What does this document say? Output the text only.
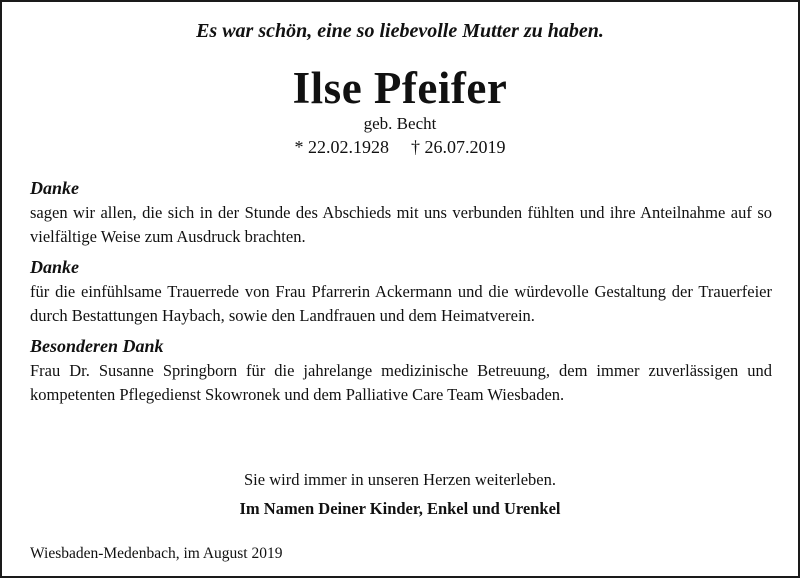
Es war schön, eine so liebevolle Mutter zu haben.
Ilse Pfeifer
geb. Becht
* 22.02.1928 † 26.07.2019

Danke

sagen wir allen, die sich in der Stunde des Abschieds mit uns verbunden fühlten und ihre Anteilnahme auf so vielfältige Weise zum Ausdruck brachten.

Danke

für die einfühlsame Trauerrede von Frau Pfarrerin Ackermann und die würdevolle Gestaltung der Trauerfeier durch Bestattungen Haybach, sowie den Landfrauen und dem Heimatverein.

Besonderen Dank

Frau Dr. Susanne Springborn für die jahrelange medizinische Betreuung, dem immer zuverlässigen und kompetenten Pflegedienst Skowronek und dem Palliative Care Team Wiesbaden.

Sie wird immer in unseren Herzen weiterleben.
Im Namen Deiner Kinder, Enkel und Urenkel
Wiesbaden-Medenbach, im August 2019
